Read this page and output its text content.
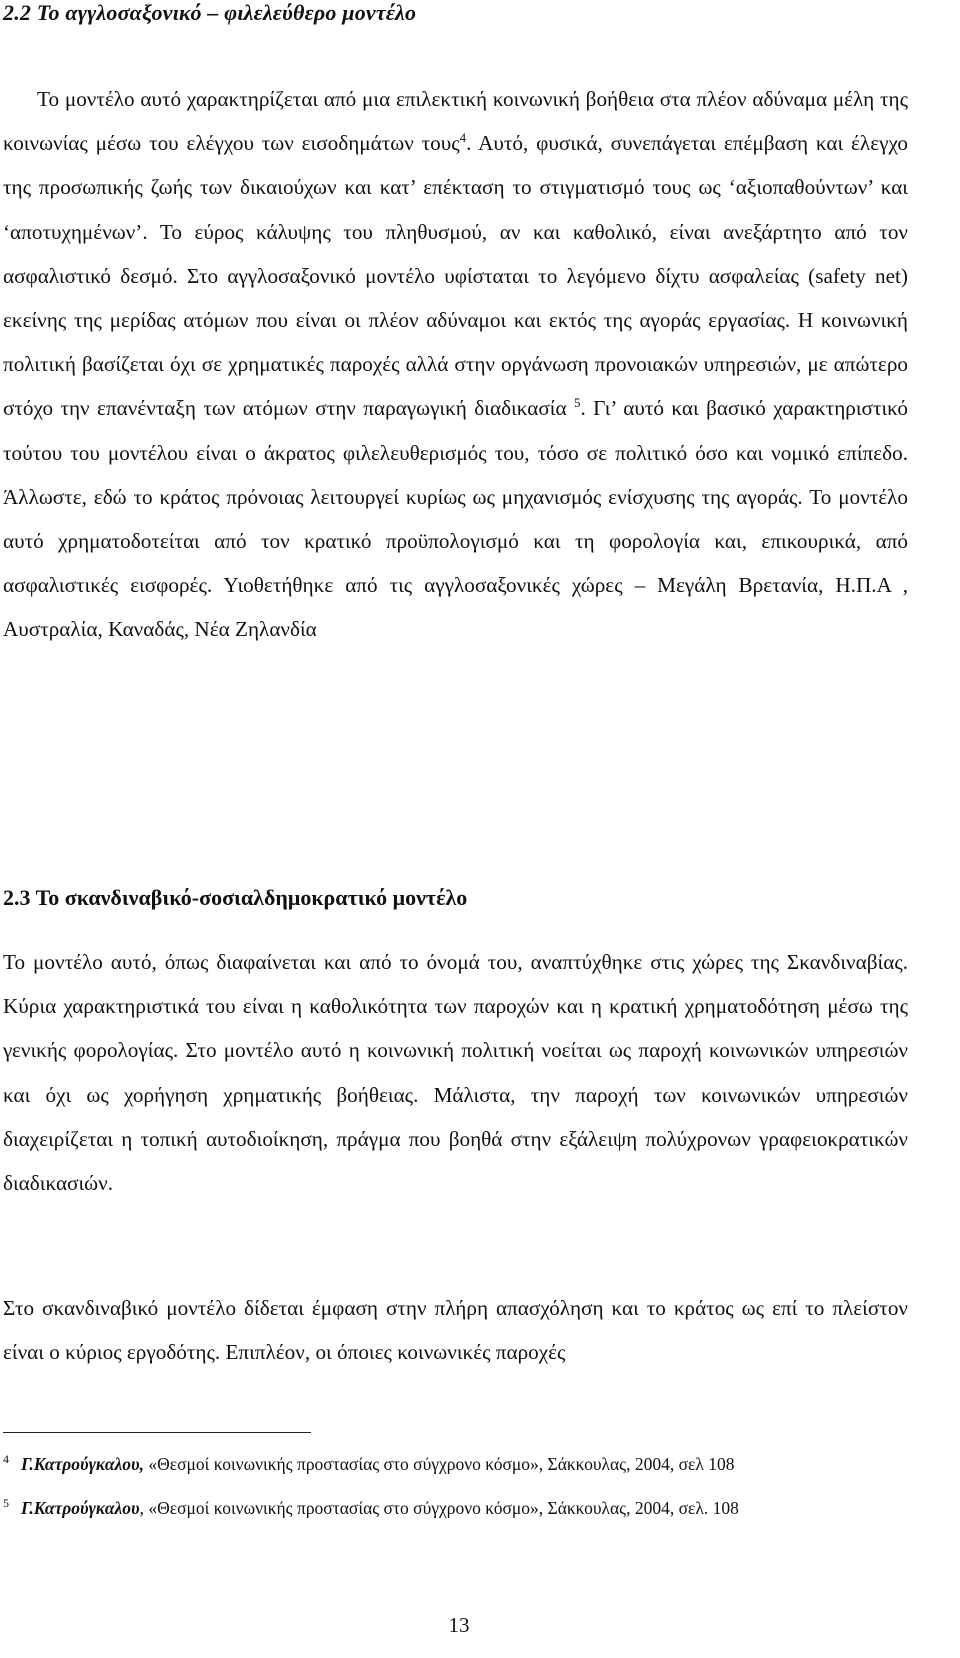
2.2 Το αγγλοσαξονικό – φιλελεύθερο μοντέλο
Το μοντέλο αυτό χαρακτηρίζεται από μια επιλεκτική κοινωνική βοήθεια στα πλέον αδύναμα μέλη της κοινωνίας μέσω του ελέγχου των εισοδημάτων τους$^4$. Αυτό, φυσικά, συνεπάγεται επέμβαση και έλεγχο της προσωπικής ζωής των δικαιούχων και κατ’ επέκταση το στιγματισμό τους ως ‘αξιοπαθούντων’ και ‘αποτυχημένων’. Το εύρος κάλυψης του πληθυσμού, αν και καθολικό, είναι ανεξάρτητο από τον ασφαλιστικό δεσμό. Στο αγγλοσαξονικό μοντέλο υφίσταται το λεγόμενο δίχτυ ασφαλείας (safety net) εκείνης της μερίδας ατόμων που είναι οι πλέον αδύναμοι και εκτός της αγοράς εργασίας. Η κοινωνική πολιτική βασίζεται όχι σε χρηματικές παροχές αλλά στην οργάνωση προνοιακών υπηρεσιών, με απώτερο στόχο την επανένταξη των ατόμων στην παραγωγική διαδικασία $^5$. Γι’ αυτό και βασικό χαρακτηριστικό τούτου του μοντέλου είναι ο άκρατος φιλελευθερισμός του, τόσο σε πολιτικό όσο και νομικό επίπεδο. Άλλωστε, εδώ το κράτος πρόνοιας λειτουργεί κυρίως ως μηχανισμός ενίσχυσης της αγοράς. Το μοντέλο αυτό χρηματοδοτείται από τον κρατικό προϋπολογισμό και τη φορολογία και, επικουρικά, από ασφαλιστικές εισφορές. Υιοθετήθηκε από τις αγγλοσαξονικές χώρες – Μεγάλη Βρετανία, Η.Π.Α , Αυστραλία, Καναδάς, Νέα Ζηλανδία
2.3 Το σκανδιναβικό-σοσιαλδημοκρατικό μοντέλο
Το μοντέλο αυτό, όπως διαφαίνεται και από το όνομά του, αναπτύχθηκε στις χώρες της Σκανδιναβίας. Κύρια χαρακτηριστικά του είναι η καθολικότητα των παροχών και η κρατική χρηματοδότηση μέσω της γενικής φορολογίας. Στο μοντέλο αυτό η κοινωνική πολιτική νοείται ως παροχή κοινωνικών υπηρεσιών και όχι ως χορήγηση χρηματικής βοήθειας. Μάλιστα, την παροχή των κοινωνικών υπηρεσιών διαχειρίζεται η τοπική αυτοδιοίκηση, πράγμα που βοηθά στην εξάλειψη πολύχρονων γραφειοκρατικών διαδικασιών.
Στο σκανδιναβικό μοντέλο δίδεται έμφαση στην πλήρη απασχόληση και το κράτος ως επί το πλείστον είναι ο κύριος εργοδότης. Επιπλέον, οι όποιες κοινωνικές παροχές
$^4$ Γ.Κατρούγκαλου, «Θεσμοί κοινωνικής προστασίας στο σύγχρονο κόσμο», Σάκκουλας, 2004, σελ 108
$^5$ Γ.Κατρούγκαλου, «Θεσμοί κοινωνικής προστασίας στο σύγχρονο κόσμο», Σάκκουλας, 2004, σελ. 108
13
